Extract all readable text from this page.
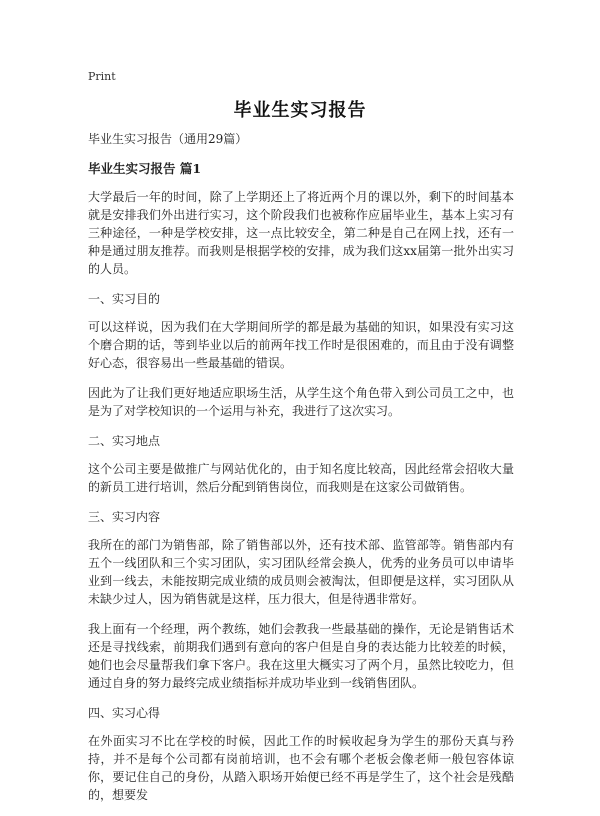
Print
毕业生实习报告
毕业生实习报告（通用29篇）
毕业生实习报告 篇1
大学最后一年的时间，除了上学期还上了将近两个月的课以外，剩下的时间基本就是安排我们外出进行实习，这个阶段我们也被称作应届毕业生，基本上实习有三种途径，一种是学校安排，这一点比较安全，第二种是自己在网上找，还有一种是通过朋友推荐。而我则是根据学校的安排，成为我们这xx届第一批外出实习的人员。
一、实习目的
可以这样说，因为我们在大学期间所学的都是最为基础的知识，如果没有实习这个磨合期的话，等到毕业以后的前两年找工作时是很困难的，而且由于没有调整好心态，很容易出一些最基础的错误。
因此为了让我们更好地适应职场生活，从学生这个角色带入到公司员工之中，也是为了对学校知识的一个运用与补充，我进行了这次实习。
二、实习地点
这个公司主要是做推广与网站优化的，由于知名度比较高，因此经常会招收大量的新员工进行培训，然后分配到销售岗位，而我则是在这家公司做销售。
三、实习内容
我所在的部门为销售部，除了销售部以外，还有技术部、监管部等。销售部内有五个一线团队和三个实习团队，实习团队经常会换人，优秀的业务员可以申请毕业到一线去，未能按期完成业绩的成员则会被淘汰，但即便是这样，实习团队从未缺少过人，因为销售就是这样，压力很大，但是待遇非常好。
我上面有一个经理，两个教练，她们会教我一些最基础的操作，无论是销售话术还是寻找线索，前期我们遇到有意向的客户但是自身的表达能力比较差的时候，她们也会尽量帮我们拿下客户。我在这里大概实习了两个月，虽然比较吃力，但通过自身的努力最终完成业绩指标并成功毕业到一线销售团队。
四、实习心得
在外面实习不比在学校的时候，因此工作的时候收起身为学生的那份天真与矜持，并不是每个公司都有岗前培训，也不会有哪个老板会像老师一般包容体谅你，要记住自己的身份，从踏入职场开始便已经不再是学生了，这个社会是残酷的，想要发
